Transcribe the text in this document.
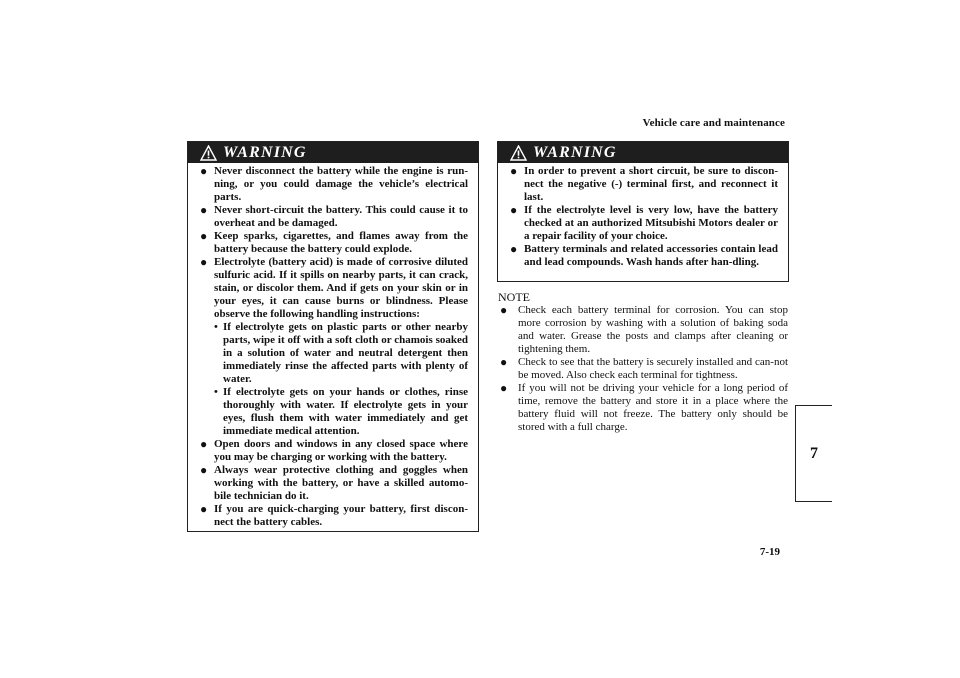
Vehicle care and maintenance
WARNING
● Never disconnect the battery while the engine is run-ning, or you could damage the vehicle’s electrical parts.
● Never short-circuit the battery. This could cause it to overheat and be damaged.
● Keep sparks, cigarettes, and flames away from the battery because the battery could explode.
● Electrolyte (battery acid) is made of corrosive diluted sulfuric acid. If it spills on nearby parts, it can crack, stain, or discolor them. And if gets on your skin or in your eyes, it can cause burns or blindness. Please observe the following handling instructions:
• If electrolyte gets on plastic parts or other nearby parts, wipe it off with a soft cloth or chamois soaked in a solution of water and neutral detergent then immediately rinse the affected parts with plenty of water.
• If electrolyte gets on your hands or clothes, rinse thoroughly with water. If electrolyte gets in your eyes, flush them with water immediately and get immediate medical attention.
● Open doors and windows in any closed space where you may be charging or working with the battery.
● Always wear protective clothing and goggles when working with the battery, or have a skilled automo-bile technician do it.
● If you are quick-charging your battery, first discon-nect the battery cables.
WARNING
● In order to prevent a short circuit, be sure to discon-nect the negative (-) terminal first, and reconnect it last.
● If the electrolyte level is very low, have the battery checked at an authorized Mitsubishi Motors dealer or a repair facility of your choice.
● Battery terminals and related accessories contain lead and lead compounds. Wash hands after han-dling.
NOTE
● Check each battery terminal for corrosion. You can stop more corrosion by washing with a solution of baking soda and water. Grease the posts and clamps after cleaning or tightening them.
● Check to see that the battery is securely installed and can-not be moved. Also check each terminal for tightness.
● If you will not be driving your vehicle for a long period of time, remove the battery and store it in a place where the battery fluid will not freeze. The battery only should be stored with a full charge.
7
7-19
